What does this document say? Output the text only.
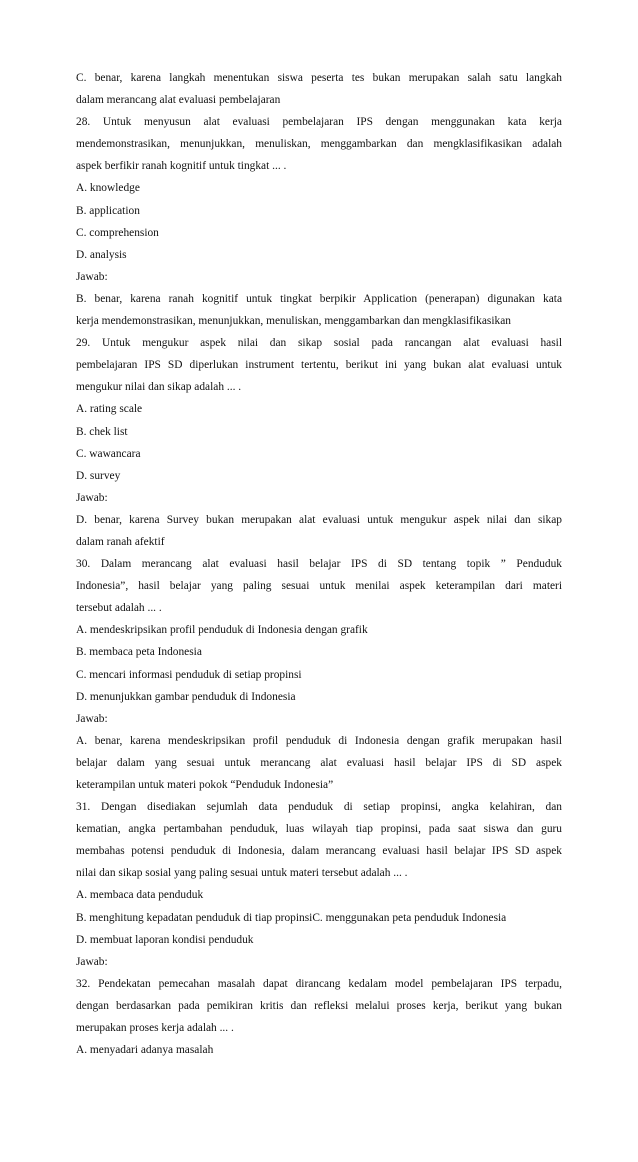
C. benar, karena langkah menentukan siswa peserta tes bukan merupakan salah satu langkah
dalam merancang alat evaluasi pembelajaran
28. Untuk menyusun alat evaluasi pembelajaran IPS dengan menggunakan kata kerja
mendemonstrasikan, menunjukkan, menuliskan, menggambarkan dan mengklasifikasikan adalah
aspek berfikir ranah kognitif untuk tingkat ... .
A. knowledge
B. application
C. comprehension
D. analysis
Jawab:
B. benar, karena ranah kognitif untuk tingkat berpikir Application (penerapan) digunakan kata
kerja mendemonstrasikan, menunjukkan, menuliskan, menggambarkan dan mengklasifikasikan
29. Untuk mengukur aspek nilai dan sikap sosial pada rancangan alat evaluasi hasil
pembelajaran IPS SD diperlukan instrument tertentu, berikut ini yang bukan alat evaluasi untuk
mengukur nilai dan sikap adalah ... .
A. rating scale
B. chek list
C. wawancara
D. survey
Jawab:
D. benar, karena Survey bukan merupakan alat evaluasi untuk mengukur aspek nilai dan sikap
dalam ranah afektif
30. Dalam merancang alat evaluasi hasil belajar IPS di SD tentang topik ” Penduduk
Indonesia”, hasil belajar yang paling sesuai untuk menilai aspek keterampilan dari materi
tersebut adalah ... .
A. mendeskripsikan profil penduduk di Indonesia dengan grafik
B. membaca peta Indonesia
C. mencari informasi penduduk di setiap propinsi
D. menunjukkan gambar penduduk di Indonesia
Jawab:
A. benar, karena mendeskripsikan profil penduduk di Indonesia dengan grafik merupakan hasil
belajar dalam yang sesuai untuk merancang alat evaluasi hasil belajar IPS di SD aspek
keterampilan untuk materi pokok “Penduduk Indonesia”
31. Dengan disediakan sejumlah data penduduk di setiap propinsi, angka kelahiran, dan
kematian, angka pertambahan penduduk, luas wilayah tiap propinsi, pada saat siswa dan guru
membahas potensi penduduk di Indonesia, dalam merancang evaluasi hasil belajar IPS SD aspek
nilai dan sikap sosial yang paling sesuai untuk materi tersebut adalah ... .
A. membaca data penduduk
B. menghitung kepadatan penduduk di tiap propinsiC. menggunakan peta penduduk Indonesia
D. membuat laporan kondisi penduduk
Jawab:
32. Pendekatan pemecahan masalah dapat dirancang kedalam model pembelajaran IPS terpadu,
dengan berdasarkan pada pemikiran kritis dan refleksi melalui proses kerja, berikut yang bukan
merupakan proses kerja adalah ... .
A. menyadari adanya masalah
